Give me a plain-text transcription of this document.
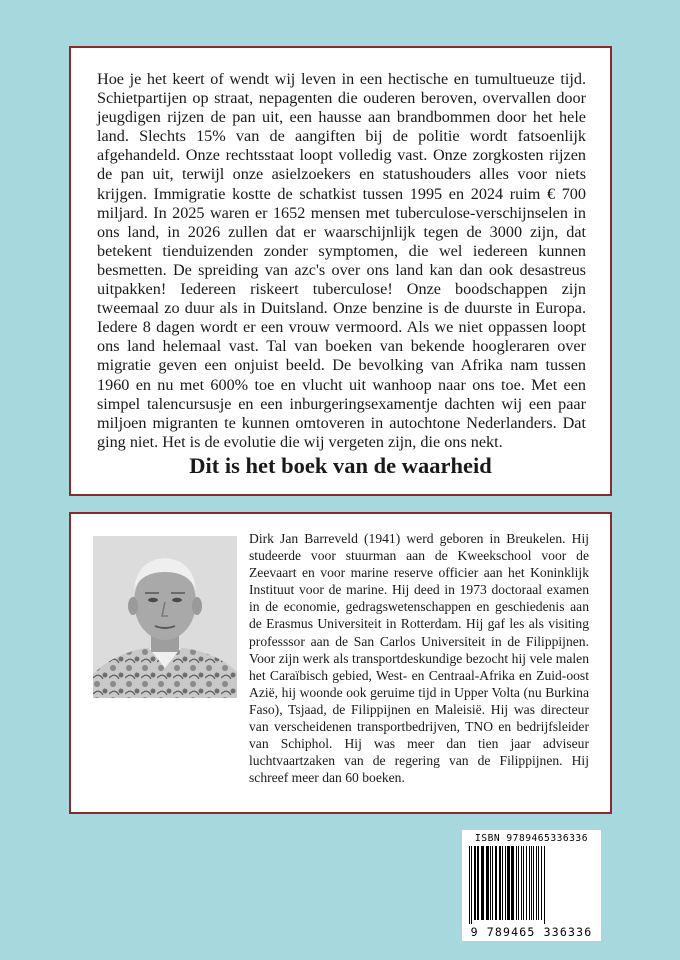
Hoe je het keert of wendt wij leven in een hectische en tumultueuze tijd. Schietpartijen op straat, nepagenten die ouderen beroven, overvallen door jeugdigen rijzen de pan uit, een hausse aan brandbommen door het hele land. Slechts 15% van de aangiften bij de politie wordt fatsoenlijk afgehandeld. Onze rechtsstaat loopt volledig vast. Onze zorgkosten rijzen de pan uit, terwijl onze asielzoekers en statushouders alles voor niets krijgen. Immigratie kostte de schatkist tussen 1995 en 2024 ruim € 700 miljard. In 2025 waren er 1652 mensen met tuberculose-verschijnselen in ons land, in 2026 zullen dat er waarschijnlijk tegen de 3000 zijn, dat betekent tienduizenden zonder symptomen, die wel iedereen kunnen besmetten. De spreiding van azc's over ons land kan dan ook desastreus uitpakken! Iedereen riskeert tuberculose! Onze boodschappen zijn tweemaal zo duur als in Duitsland. Onze benzine is de duurste in Europa. Iedere 8 dagen wordt er een vrouw vermoord. Als we niet oppassen loopt ons land helemaal vast. Tal van boeken van bekende hoogleraren over migratie geven een onjuist beeld. De bevolking van Afrika nam tussen 1960 en nu met 600% toe en vlucht uit wanhoop naar ons toe. Met een simpel talencursusje en een inburgeringsexamentje dachten wij een paar miljoen migranten te kunnen omtoveren in autochtone Nederlanders. Dat ging niet. Het is de evolutie die wij vergeten zijn, die ons nekt.

Dit is het boek van de waarheid

Dirk Jan Barreveld (1941) werd geboren in Breukelen. Hij studeerde voor stuurman aan de Kweekschool voor de Zeevaart en voor marine reserve officier aan het Koninklijk Instituut voor de marine. Hij deed in 1973 doctoraal examen in de economie, gedragswetenschappen en geschiedenis aan de Erasmus Universiteit in Rotterdam. Hij gaf les als visiting professsor aan de San Carlos Universiteit in de Filippijnen. Voor zijn werk als transportdeskundige bezocht hij vele malen het Caraïbisch gebied, West- en Centraal-Afrika en Zuid-oost Azië, hij woonde ook geruime tijd in Upper Volta (nu Burkina Faso), Tsjaad, de Filippijnen en Maleisië. Hij was directeur van verscheidenen transportbedrijven, TNO en bedrijfsleider van Schiphol. Hij was meer dan tien jaar adviseur luchtvaartzaken van de regering van de Filippijnen. Hij schreef meer dan 60 boeken.

ISBN 9789465336336
9 789465 336336
